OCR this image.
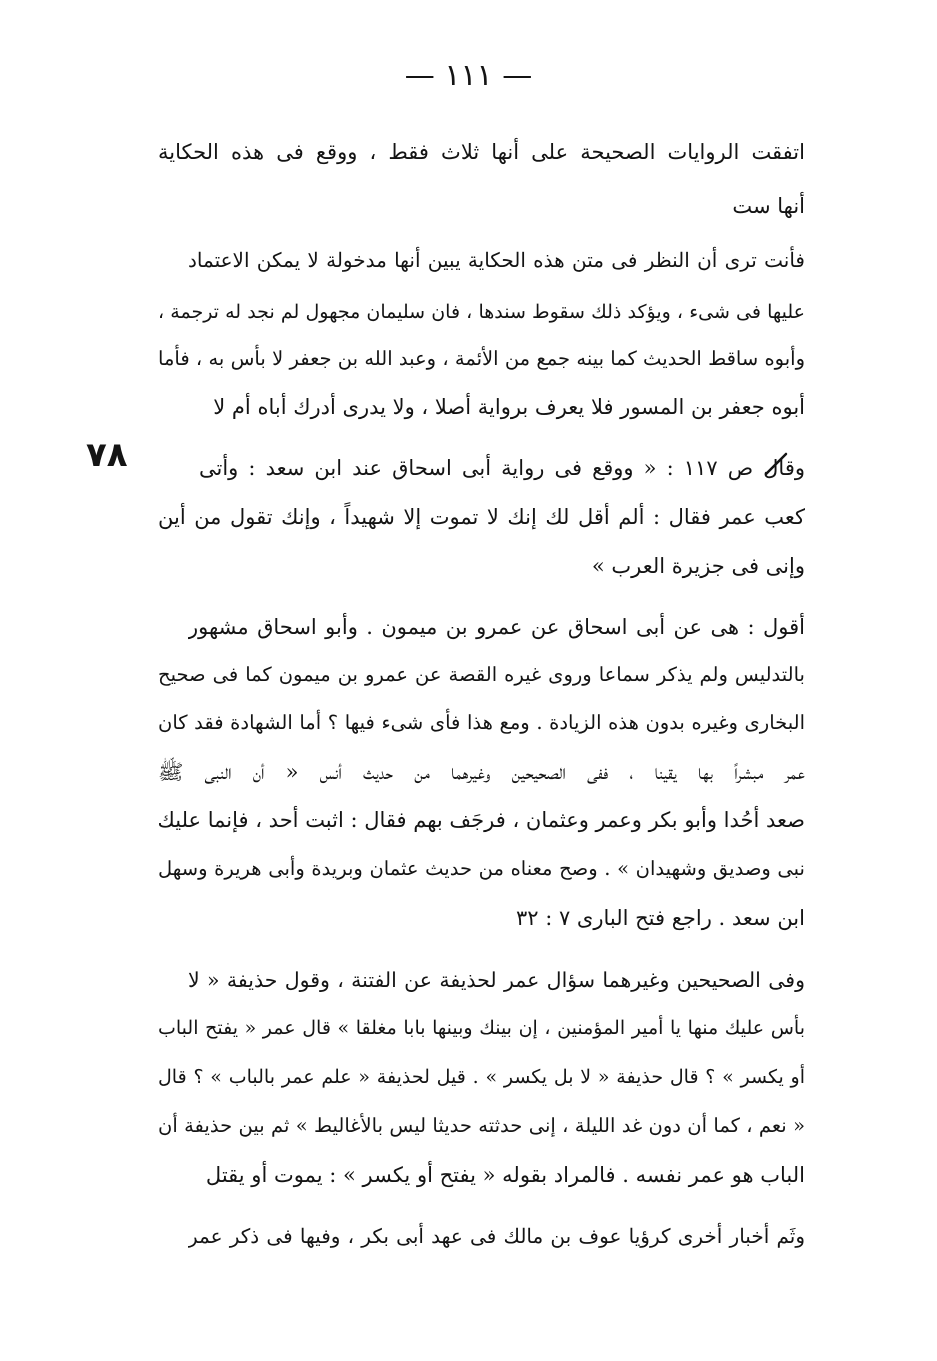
— ١١١ —
٧٨
اتفقت الروايات الصحيحة على أنها ثلاث فقط ، ووقع فى هذه الحكاية
أنها ست
فأنت ترى أن النظر فى متن هذه الحكاية يبين أنها مدخولة لا يمكن الاعتماد
عليها فى شىء ، ويؤكد ذلك سقوط سندها ، فان سليمان مجهول لم نجد له ترجمة ،
وأبوه ساقط الحديث كما بينه جمع من الأئمة ، وعبد الله بن جعفر لا بأس به ، فأما
أبوه جعفر بن المسور فلا يعرف برواية أصلا ، ولا يدرى أدرك أباه أم لا
وقال ص ١١٧ : « ووقع فى رواية أبى اسحاق عند ابن سعد : وأتى
كعب عمر فقال : ألم أقل لك إنك لا تموت إلا شهيداً ، وإنك تقول من أين
وإنى فى جزيرة العرب »
أقول : هى عن أبى اسحاق عن عمرو بن ميمون . وأبو اسحاق مشهور
بالتدليس ولم يذكر سماعا وروى غيره القصة عن عمرو بن ميمون كما فى صحيح
البخارى وغيره بدون هذه الزيادة . ومع هذا فأى شىء فيها ؟ أما الشهادة فقد كان
عمر مبشراً بها يقينا ، ففى الصحيحين وغيرهما من حديث أنس « أن النبى ﷺ
صعد أحُدا وأبو بكر وعمر وعثمان ، فرجَف بهم فقال : اثبت أحد ، فإنما عليك
نبى وصديق وشهيدان » . وصح معناه من حديث عثمان وبريدة وأبى هريرة وسهل
ابن سعد . راجع فتح البارى ٧ : ٣٢
وفى الصحيحين وغيرهما سؤال عمر لحذيفة عن الفتنة ، وقول حذيفة « لا
بأس عليك منها يا أمير المؤمنين ، إن بينك وبينها بابا مغلقا » قال عمر « يفتح الباب
أو يكسر » ؟ قال حذيفة « لا بل يكسر » . قيل لحذيفة « علم عمر بالباب » ؟ قال
« نعم ، كما أن دون غد الليلة ، إنى حدثته حديثا ليس بالأغاليط » ثم بين حذيفة أن
الباب هو عمر نفسه . فالمراد بقوله « يفتح أو يكسر » : يموت أو يقتل
وثَم أخبار أخرى كرؤيا عوف بن مالك فى عهد أبى بكر ، وفيها فى ذكر عمر
